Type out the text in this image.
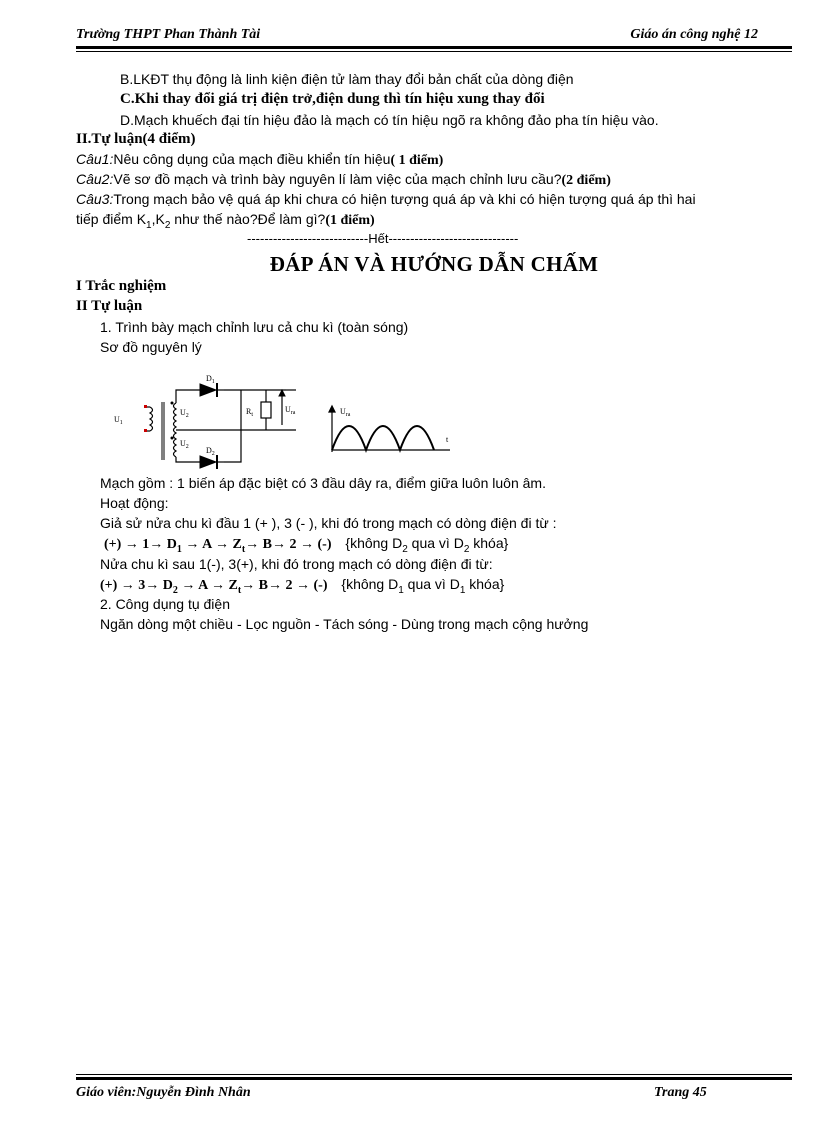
Trường THPT Phan Thành Tài	Giáo án công nghệ 12
B.LKĐT thụ động là linh kiện điện tử làm thay đổi bản chất của dòng điện
C.Khi thay đổi giá trị điện trở,điện dung thì tín hiệu xung thay đổi
D.Mạch khuếch đại tín hiệu đảo là mạch có tín hiệu ngõ ra không đảo pha tín hiệu vào.
II.Tự luận(4 điểm)
Câu1:Nêu công dụng của mạch điều khiển tín hiệu( 1 điểm)
Câu2:Vẽ sơ đồ mạch và trình bày nguyên lí làm việc của mạch chỉnh lưu cầu?(2 điểm)
Câu3:Trong mạch bảo vệ quá áp khi chưa có hiện tượng quá áp và khi có hiện tượng quá áp thì hai
tiếp điểm $K_1,K_2$ như thế nào?Để làm gì?(1 điểm)
----------------------------Hết------------------------------
ĐÁP ÁN VÀ HƯỚNG DẪN CHẤM
I Trắc nghiệm
II Tự luận
1. Trình bày mạch chỉnh lưu cả chu kì (toàn sóng)
Sơ đồ nguyên lý
$U_1$
$U_2$
$U_2$
$D_1$
$D_2$
$R_t$
$U_{ra}$	$U_{ra}$
t
Mạch gồm : 1 biến áp đặc biệt có 3 đầu dây ra, điểm giữa luôn luôn âm.
Hoạt động:
Giả sử nửa chu kì đầu 1 (+ ), 3 (- ), khi đó trong mạch có dòng điện đi từ :
(+) → $1\to D_1 \to A \to Z_t\to B\to 2$ → (-) {không $D_2$ qua vì $D_2$ khóa}
Nửa chu kì sau 1(-), 3(+), khi đó trong mạch có dòng điện đi từ:
(+) → $3\to D_2 \to A \to Z_t\to B\to 2$ → (-) {không $D_1$ qua vì $D_1$ khóa}
2. Công dụng tụ điện
Ngăn dòng một chiều - Lọc nguồn - Tách sóng - Dùng trong mạch cộng hưởng
Giáo viên:Nguyễn Đình Nhân	Trang 45
